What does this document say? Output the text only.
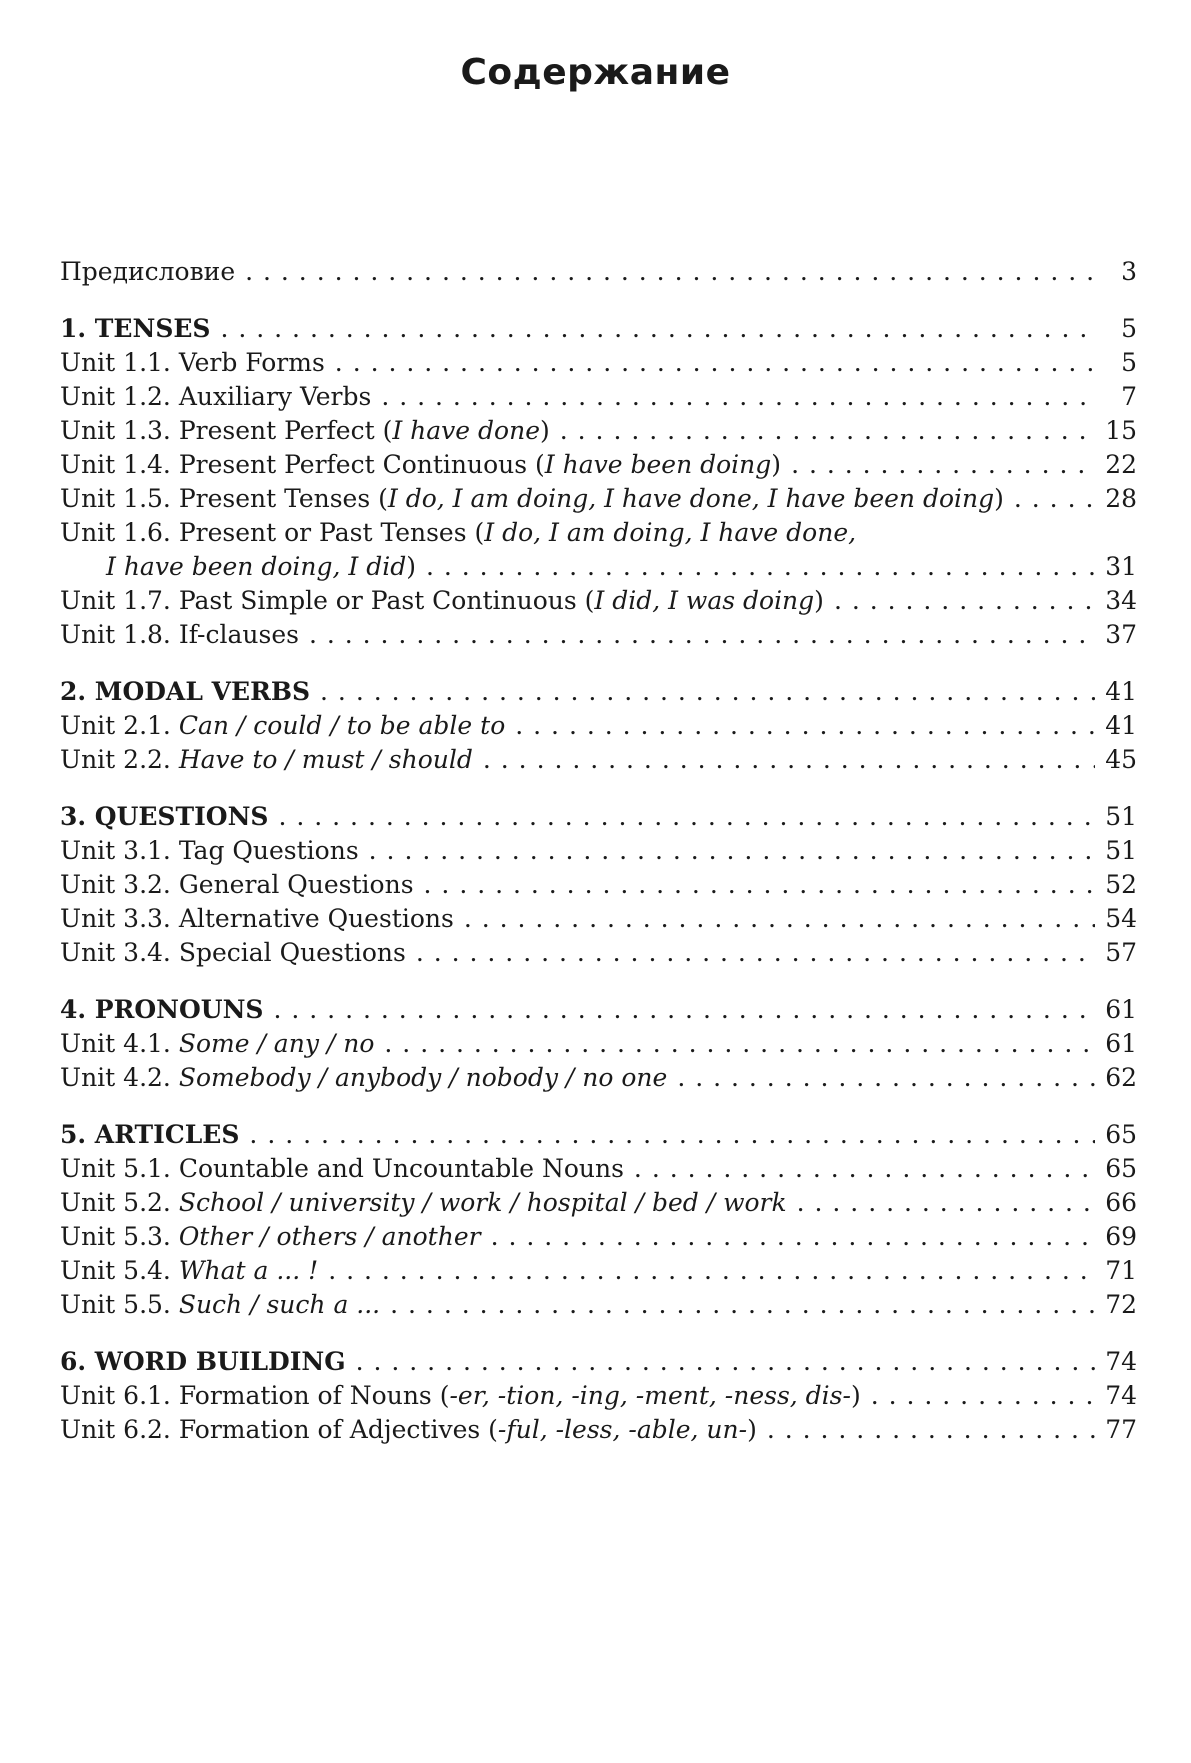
Содержание
Предисловие . . .	3
1. TENSES . . .	5
Unit 1.1. Verb Forms . . .	5
Unit 1.2. Auxiliary Verbs . . .	7
Unit 1.3. Present Perfect (I have done) . . .	15
Unit 1.4. Present Perfect Continuous (I have been doing) . . .	22
Unit 1.5. Present Tenses (I do, I am doing, I have done, I have been doing) . . .	28
Unit 1.6. Present or Past Tenses (I do, I am doing, I have done,
I have been doing, I did) . . .	31
Unit 1.7. Past Simple or Past Continuous (I did, I was doing) . . .	34
Unit 1.8. If-clauses . . .	37
2. MODAL VERBS . . .	41
Unit 2.1. Can / could / to be able to . . .	41
Unit 2.2. Have to / must / should . . .	45
3. QUESTIONS . . .	51
Unit 3.1. Tag Questions . . .	51
Unit 3.2. General Questions . . .	52
Unit 3.3. Alternative Questions . . .	54
Unit 3.4. Special Questions . . .	57
4. PRONOUNS . . .	61
Unit 4.1. Some / any / no . . .	61
Unit 4.2. Somebody / anybody / nobody / no one . . .	62
5. ARTICLES . . .	65
Unit 5.1. Countable and Uncountable Nouns . . .	65
Unit 5.2. School / university / work / hospital / bed / work . . .	66
Unit 5.3. Other / others / another . . .	69
Unit 5.4. What a ... ! . . .	71
Unit 5.5. Such / such a ... . . .	72
6. WORD BUILDING . . .	74
Unit 6.1. Formation of Nouns (-er, -tion, -ing, -ment, -ness, dis-) . . .	74
Unit 6.2. Formation of Adjectives (-ful, -less, -able, un-) . . .	77
